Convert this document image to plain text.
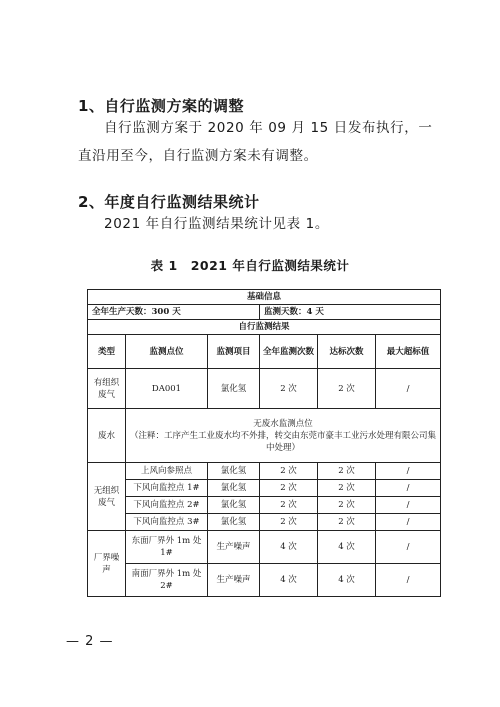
1、自行监测方案的调整
自行监测方案于 2020 年 09 月 15 日发布执行，一直沿用至今，自行监测方案未有调整。
2、年度自行监测结果统计
2021 年自行监测结果统计见表 1。
表 1　2021 年自行监测结果统计
基础信息					
全年生产天数：300 天			监测天数：4 天		
自行监测结果					
类型	监测点位	监测项目	全年监测次数	达标次数	最大超标值
有组织废气	DA001	氯化氢	2 次	2 次	/
废水	无废水监测点位
（注释：工序产生工业废水均不外排，转交由东莞市豪丰工业污水处理有限公司集中处理）				

无组织废气	上风向参照点	氯化氢	2 次	2 次	/
	下风向监控点 1#	氯化氢	2 次	2 次	/
	下风向监控点 2#	氯化氢	2 次	2 次	/
	下风向监控点 3#	氯化氢	2 次	2 次	/
厂界噪声	东面厂界外 1m 处 1#	生产噪声	4 次	4 次	/
	南面厂界外 1m 处 2#	生产噪声	4 次	4 次	/
— 2 —
